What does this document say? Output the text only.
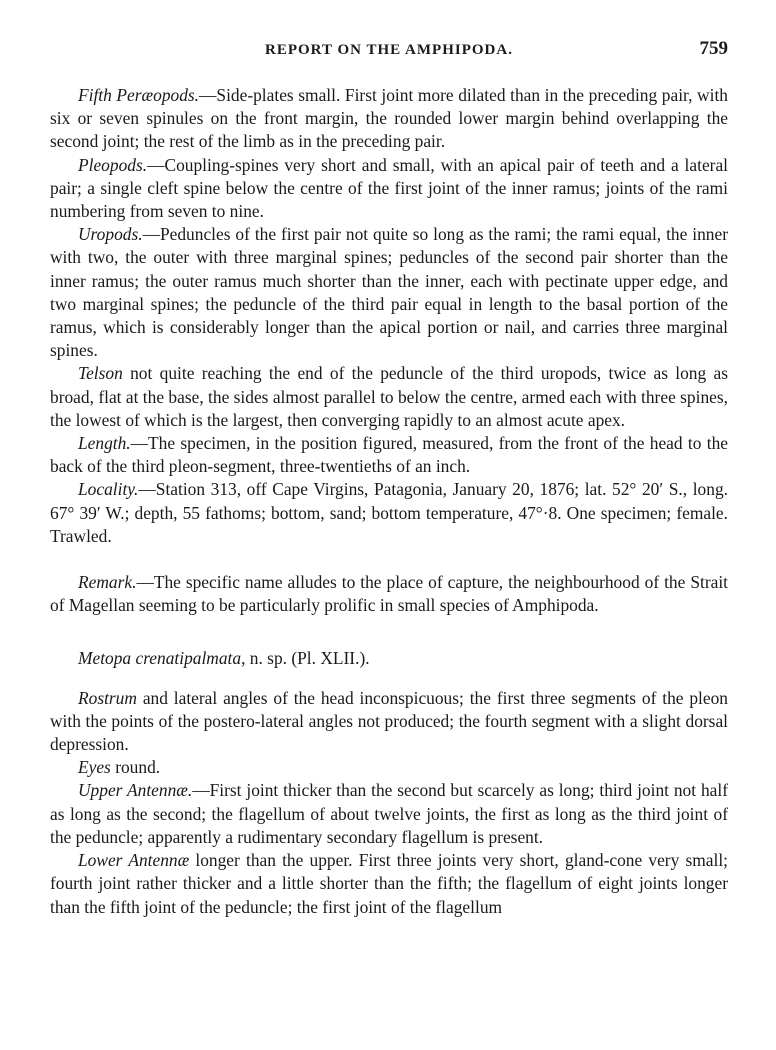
REPORT ON THE AMPHIPODA.	759

Fifth Peræopods.—Side-plates small. First joint more dilated than in the preceding pair, with six or seven spinules on the front margin, the rounded lower margin behind overlapping the second joint; the rest of the limb as in the preceding pair.

Pleopods.—Coupling-spines very short and small, with an apical pair of teeth and a lateral pair; a single cleft spine below the centre of the first joint of the inner ramus; joints of the rami numbering from seven to nine.

Uropods.—Peduncles of the first pair not quite so long as the rami; the rami equal, the inner with two, the outer with three marginal spines; peduncles of the second pair shorter than the inner ramus; the outer ramus much shorter than the inner, each with pectinate upper edge, and two marginal spines; the peduncle of the third pair equal in length to the basal portion of the ramus, which is considerably longer than the apical portion or nail, and carries three marginal spines.

Telson not quite reaching the end of the peduncle of the third uropods, twice as long as broad, flat at the base, the sides almost parallel to below the centre, armed each with three spines, the lowest of which is the largest, then converging rapidly to an almost acute apex.

Length.—The specimen, in the position figured, measured, from the front of the head to the back of the third pleon-segment, three-twentieths of an inch.

Locality.—Station 313, off Cape Virgins, Patagonia, January 20, 1876; lat. 52° 20′ S., long. 67° 39′ W.; depth, 55 fathoms; bottom, sand; bottom temperature, 47°·8. One specimen; female. Trawled.

Remark.—The specific name alludes to the place of capture, the neighbourhood of the Strait of Magellan seeming to be particularly prolific in small species of Amphipoda.

Metopa crenatipalmata, n. sp. (Pl. XLII.).

Rostrum and lateral angles of the head inconspicuous; the first three segments of the pleon with the points of the postero-lateral angles not produced; the fourth segment with a slight dorsal depression.

Eyes round.

Upper Antennæ.—First joint thicker than the second but scarcely as long; third joint not half as long as the second; the flagellum of about twelve joints, the first as long as the third joint of the peduncle; apparently a rudimentary secondary flagellum is present.

Lower Antennæ longer than the upper. First three joints very short, gland-cone very small; fourth joint rather thicker and a little shorter than the fifth; the flagellum of eight joints longer than the fifth joint of the peduncle; the first joint of the flagellum
